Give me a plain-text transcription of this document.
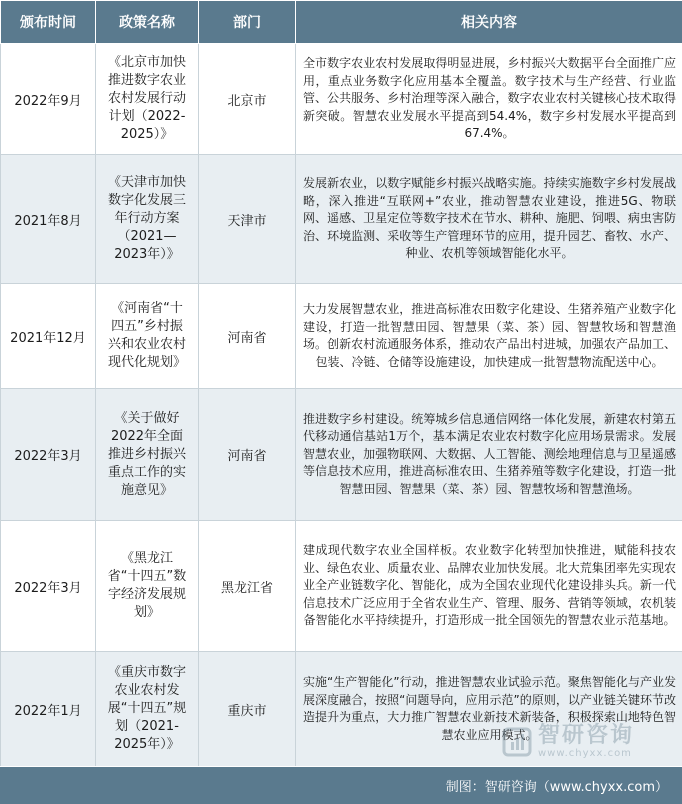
颁布时间	政策名称	部门	相关内容
2022年9月	《北京市加快推进数字农业农村发展行动计划（2022-2025）》	北京市	全市数字农业农村发展取得明显进展，乡村振兴大数据平台全面推广应用，重点业务数字化应用基本全覆盖。数字技术与生产经营、行业监管、公共服务、乡村治理等深入融合，数字农业农村关键核心技术取得新突破。智慧农业发展水平提高到54.4%，数字乡村发展水平提高到67.4%。
2021年8月	《天津市加快数字化发展三年行动方案（2021—2023年）》	天津市	发展新农业，以数字赋能乡村振兴战略实施。持续实施数字乡村发展战略，深入推进“互联网+”农业，推动智慧农业建设，推进5G、物联网、遥感、卫星定位等数字技术在节水、耕种、施肥、饲喂、病虫害防治、环境监测、采收等生产管理环节的应用，提升园艺、畜牧、水产、种业、农机等领域智能化水平。
2021年12月	《河南省“十四五”乡村振兴和农业农村现代化规划》	河南省	大力发展智慧农业，推进高标准农田数字化建设、生猪养殖产业数字化建设，打造一批智慧田园、智慧果（菜、茶）园、智慧牧场和智慧渔场。创新农村流通服务体系，推动农产品出村进城，加强农产品加工、包装、冷链、仓储等设施建设，加快建成一批智慧物流配送中心。
2022年3月	《关于做好2022年全面推进乡村振兴重点工作的实施意见》	河南省	推进数字乡村建设。统筹城乡信息通信网络一体化发展，新建农村第五代移动通信基站1万个，基本满足农业农村数字化应用场景需求。发展智慧农业，加强物联网、大数据、人工智能、测绘地理信息与卫星遥感等信息技术应用，推进高标准农田、生猪养殖等数字化建设，打造一批智慧田园、智慧果（菜、茶）园、智慧牧场和智慧渔场。
2022年3月	《黑龙江省“十四五”数字经济发展规划》	黑龙江省	建成现代数字农业全国样板。农业数字化转型加快推进，赋能科技农业、绿色农业、质量农业、品牌农业加快发展。北大荒集团率先实现农业全产业链数字化、智能化，成为全国农业现代化建设排头兵。新一代信息技术广泛应用于全省农业生产、管理、服务、营销等领域，农机装备智能化水平持续提升，打造形成一批全国领先的智慧农业示范基地。
2022年1月	《重庆市数字农业农村发展“十四五”规划（2021-2025年）》	重庆市	实施“生产智能化”行动，推进智慧农业试验示范。聚焦智能化与产业发展深度融合，按照“问题导向，应用示范”的原则，以产业链关键环节改造提升为重点，大力推广智慧农业新技术新装备，积极探索山地特色智慧农业应用模式。 智研咨询
www.chyxx.com
制图：智研咨询（www.chyxx.com）
